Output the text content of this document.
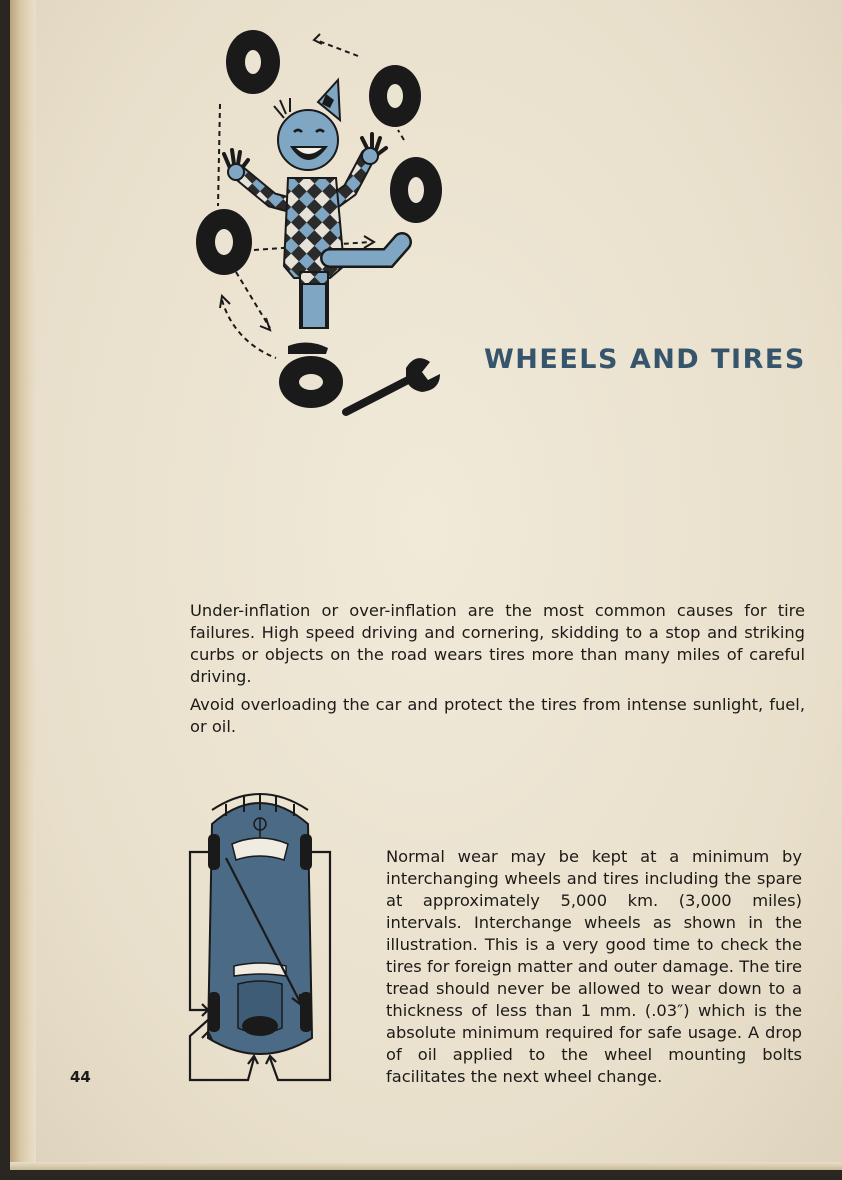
WHEELS AND TIRES

Under-inflation or over-inflation are the most common causes for tire failures. High speed driving and cornering, skidding to a stop and striking curbs or objects on the road wears tires more than many miles of careful driving.

Avoid overloading the car and protect the tires from intense sunlight, fuel, or oil.

Normal wear may be kept at a minimum by interchanging wheels and tires including the spare at approximately 5,000 km. (3,000 miles) intervals. Interchange wheels as shown in the illustration. This is a very good time to check the tires for foreign matter and outer damage. The tire tread should never be allowed to wear down to a thickness of less than 1 mm. (.03″) which is the absolute minimum required for safe usage. A drop of oil applied to the wheel mounting bolts facilitates the next wheel change.

44
